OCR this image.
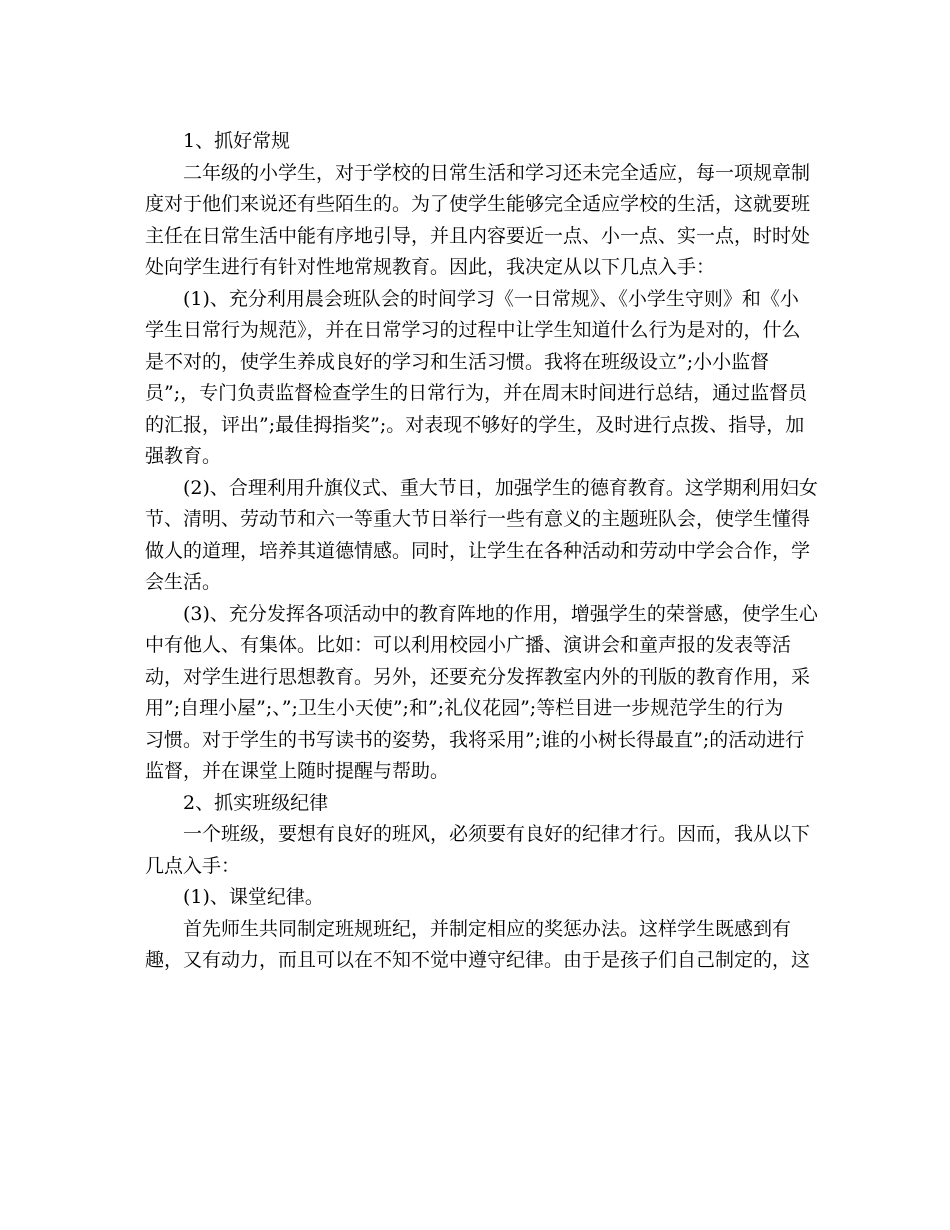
1、抓好常规

二年级的小学生，对于学校的日常生活和学习还未完全适应，每一项规章制

度对于他们来说还有些陌生的。为了使学生能够完全适应学校的生活，这就要班

主任在日常生活中能有序地引导，并且内容要近一点、小一点、实一点，时时处

处向学生进行有针对性地常规教育。因此，我决定从以下几点入手：

(1)、充分利用晨会班队会的时间学习《一日常规》、《小学生守则》和《小

学生日常行为规范》，并在日常学习的过程中让学生知道什么行为是对的，什么

是不对的，使学生养成良好的学习和生活习惯。我将在班级设立”;小小监督

员”;，专门负责监督检查学生的日常行为，并在周末时间进行总结，通过监督员

的汇报，评出”;最佳拇指奖”;。对表现不够好的学生，及时进行点拨、指导，加

强教育。

(2)、合理利用升旗仪式、重大节日，加强学生的德育教育。这学期利用妇女

节、清明、劳动节和六一等重大节日举行一些有意义的主题班队会，使学生懂得

做人的道理，培养其道德情感。同时，让学生在各种活动和劳动中学会合作，学

会生活。

(3)、充分发挥各项活动中的教育阵地的作用，增强学生的荣誉感，使学生心

中有他人、有集体。比如：可以利用校园小广播、演讲会和童声报的发表等活

动，对学生进行思想教育。另外，还要充分发挥教室内外的刊版的教育作用，采

用”;自理小屋”;、”;卫生小天使”;和”;礼仪花园”;等栏目进一步规范学生的行为

习惯。对于学生的书写读书的姿势，我将采用”;谁的小树长得最直”;的活动进行

监督，并在课堂上随时提醒与帮助。

2、抓实班级纪律

一个班级，要想有良好的班风，必须要有良好的纪律才行。因而，我从以下

几点入手：

(1)、课堂纪律。

首先师生共同制定班规班纪，并制定相应的奖惩办法。这样学生既感到有

趣，又有动力，而且可以在不知不觉中遵守纪律。由于是孩子们自己制定的，这
